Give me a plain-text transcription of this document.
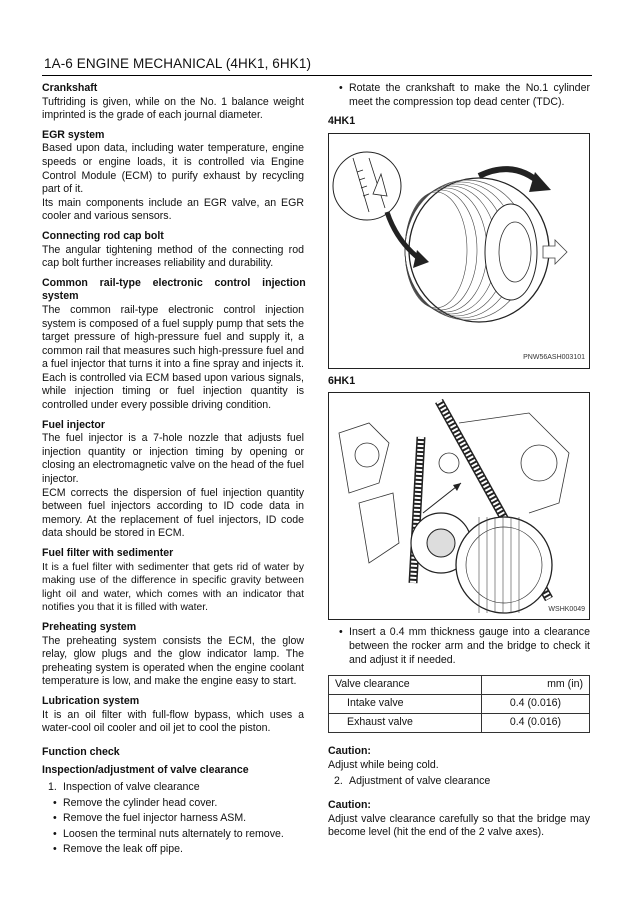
1A-6 ENGINE MECHANICAL (4HK1, 6HK1)
Crankshaft
Tuftriding is given, while on the No. 1 balance weight imprinted is the grade of each journal diameter.
EGR system
Based upon data, including water temperature, engine speeds or engine loads, it is controlled via Engine Control Module (ECM) to purify exhaust by recycling part of it.
Its main components include an EGR valve, an EGR cooler and various sensors.
Connecting rod cap bolt
The angular tightening method of the connecting rod cap bolt further increases reliability and durability.
Common    rail-type    electronic    control    injection
system
The common rail-type electronic control injection system is composed of a fuel supply pump that sets the target pressure of high-pressure fuel and supply it, a common rail that measures such high-pressure fuel and a fuel injector that turns it into a fine spray and injects it. Each is controlled via ECM based upon various signals, while injection timing or fuel injection quantity is controlled under every possible driving condition.
Fuel injector
The fuel injector is a 7-hole nozzle that adjusts fuel injection quantity or injection timing by opening or closing an electromagnetic valve on the head of the fuel injector.
ECM corrects the dispersion of fuel injection quantity between fuel injectors according to ID code data in memory. At the replacement of fuel injectors, ID code data should be stored in ECM.
Fuel filter with sedimenter
It is a fuel filter with sedimenter that gets rid of water by making use of the difference in specific gravity between light oil and water, which comes with an indicator that notifies you that it is filled with water.
Preheating system
The preheating system consists the ECM, the glow relay, glow plugs and the glow indicator lamp. The preheating system is operated when the engine coolant temperature is low, and make the engine easy to start.
Lubrication system
It is an oil filter with full-flow bypass, which uses a water-cool oil cooler and oil jet to cool the piston.
Function check
Inspection/adjustment of valve clearance
1. Inspection of valve clearance
• Remove the cylinder head cover.
• Remove the fuel injector harness ASM.
• Loosen the terminal nuts alternately to remove.
• Remove the leak off pipe.
• Rotate the crankshaft to make the No.1 cylinder meet the compression top dead center (TDC).
4HK1
PNW56ASH003101
6HK1
WSHK0049
• Insert a 0.4 mm thickness gauge into a clearance between the rocker arm and the bridge to check it and adjust it if needed.
Valve clearance	mm (in)
Intake valve	0.4 (0.016)
Exhaust valve	0.4 (0.016)
Caution:
Adjust while being cold.
2. Adjustment of valve clearance
Caution:
Adjust valve clearance carefully so that the bridge may become level (hit the end of the 2 valve axes).
